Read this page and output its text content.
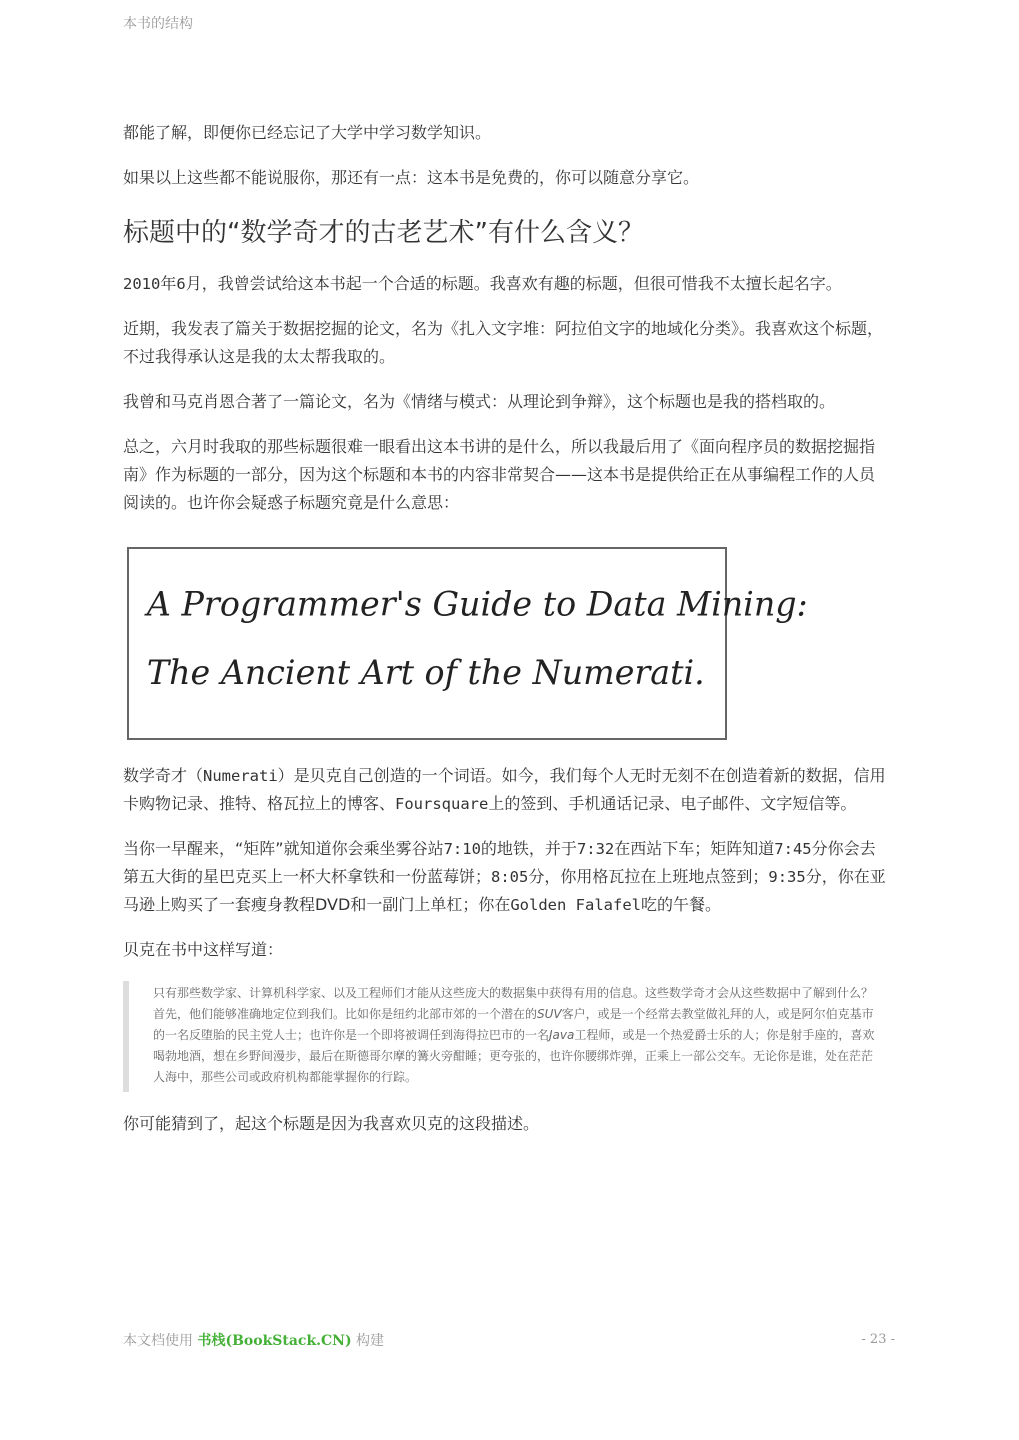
本书的结构

都能了解，即便你已经忘记了大学中学习数学知识。

如果以上这些都不能说服你，那还有一点：这本书是免费的，你可以随意分享它。

标题中的“数学奇才的古老艺术”有什么含义？

2010年6月，我曾尝试给这本书起一个合适的标题。我喜欢有趣的标题，但很可惜我不太擅长起名字。

近期，我发表了篇关于数据挖掘的论文，名为《扎入文字堆：阿拉伯文字的地域化分类》。我喜欢这个标题，不过我得承认这是我的太太帮我取的。

我曾和马克肖恩合著了一篇论文，名为《情绪与模式：从理论到争辩》，这个标题也是我的搭档取的。

总之，六月时我取的那些标题很难一眼看出这本书讲的是什么，所以我最后用了《面向程序员的数据挖掘指南》作为标题的一部分，因为这个标题和本书的内容非常契合——这本书是提供给正在从事编程工作的人员阅读的。也许你会疑惑子标题究竟是什么意思：

A Programmer's Guide to Data Mining:
The Ancient Art of the Numerati.

数学奇才（Numerati）是贝克自己创造的一个词语。如今，我们每个人无时无刻不在创造着新的数据，信用卡购物记录、推特、格瓦拉上的博客、Foursquare上的签到、手机通话记录、电子邮件、文字短信等。

当你一早醒来，“矩阵”就知道你会乘坐雾谷站7:10的地铁，并于7:32在西站下车；矩阵知道7:45分你会去第五大街的星巴克买上一杯大杯拿铁和一份蓝莓饼；8:05分，你用格瓦拉在上班地点签到；9:35分，你在亚马逊上购买了一套瘦身教程DVD和一副门上单杠；你在Golden Falafel吃的午餐。

贝克在书中这样写道：

只有那些数学家、计算机科学家、以及工程师们才能从这些庞大的数据集中获得有用的信息。这些数学奇才会从这些数据中了解到什么？首先，他们能够准确地定位到我们。比如你是纽约北部市郊的一个潜在的SUV客户，或是一个经常去教堂做礼拜的人，或是阿尔伯克基市的一名反堕胎的民主党人士；也许你是一个即将被调任到海得拉巴市的一名Java工程师，或是一个热爱爵士乐的人；你是射手座的，喜欢喝勃地酒，想在乡野间漫步，最后在斯德哥尔摩的篝火旁酣睡；更夸张的，也许你腰绑炸弹，正乘上一部公交车。无论你是谁，处在茫茫人海中，那些公司或政府机构都能掌握你的行踪。

你可能猜到了，起这个标题是因为我喜欢贝克的这段描述。

本文档使用 书栈(BookStack.CN) 构建	- 23 -
